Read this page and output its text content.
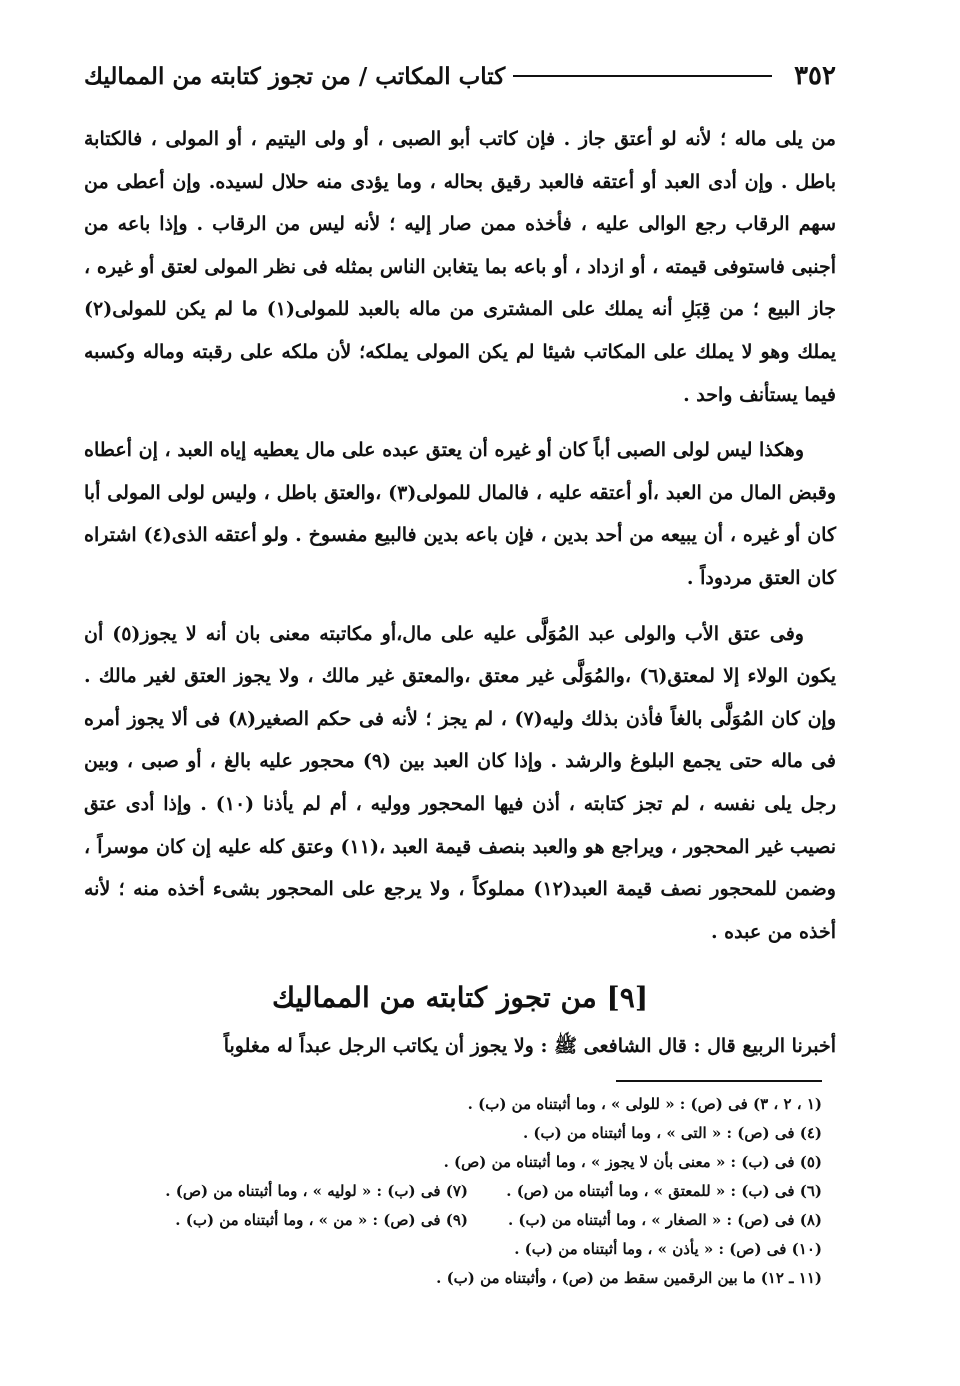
٣٥٢
كتاب المكاتب / من تجوز كتابته من المماليك

من يلى ماله ؛ لأنه لو أعتق جاز . فإن كاتب أبو الصبى ، أو ولى اليتيم ، أو المولى ، فالكتابة باطل . وإن أدى العبد أو أعتقه فالعبد رقيق بحاله ، وما يؤدى منه حلال لسيده. وإن أعطى من سهم الرقاب رجع الوالى عليه ، فأخذه ممن صار إليه ؛ لأنه ليس من الرقاب . وإذا باعه من أجنبى فاستوفى قيمته ، أو ازداد ، أو باعه بما يتغابن الناس بمثله فى نظر المولى لعتق أو غيره ، جاز البيع ؛ من قِبَلِ أنه يملك على المشترى من ماله بالعبد للمولى(١) ما لم يكن للمولى(٢) يملك وهو لا يملك على المكاتب شيئا لم يكن المولى يملكه؛ لأن ملكه على رقبته وماله وكسبه فيما يستأنف واحد .

وهكذا ليس لولى الصبى أباً كان أو غيره أن يعتق عبده على مال يعطيه إياه العبد ، إن أعطاه وقبض المال من العبد ،أو أعتقه عليه ، فالمال للمولى(٣) ،والعتق باطل ، وليس لولى المولى أبا كان أو غيره ، أن يبيعه من أحد بدين ، فإن باعه بدين فالبيع مفسوخ . ولو أعتقه الذى(٤) اشتراه كان العتق مردوداً .

وفى عتق الأب والولى عبد المُوَلَّى عليه على مال،أو مكاتبته معنى بان أنه لا يجوز(٥) أن يكون الولاء إلا لمعتق(٦) ،والمُوَلَّى غير معتق ،والمعتق غير مالك ، ولا يجوز العتق لغير مالك . وإن كان المُوَلَّى بالغاً فأذن بذلك وليه(٧) ، لم يجز ؛ لأنه فى حكم الصغير(٨) فى ألا يجوز أمره فى ماله حتى يجمع البلوغ والرشد . وإذا كان العبد بين (٩) محجور عليه بالغ ، أو صبى ، وبين رجل يلى نفسه ، لم تجز كتابته ، أذن فيها المحجور ووليه ، أم لم يأذنا (١٠) . وإذا أدى عتق نصيب غير المحجور ، ويراجع هو والعبد بنصف قيمة العبد ،(١١) وعتق كله عليه إن كان موسراً ، وضمن للمحجور نصف قيمة العبد(١٢) مملوكاً ، ولا يرجع على المحجور بشىء أخذه منه ؛ لأنه أخذه من عبده .

[٩] من تجوز كتابته من المماليك
أخبرنا الربيع قال : قال الشافعى ﷺ : ولا يجوز أن يكاتب الرجل عبداً له مغلوباً
(١ ، ٢ ، ٣) فى (ص) : « للولى » ، وما أثبتناه من (ب) .
(٤) فى (ص) : « التى » ، وما أثبتناه من (ب) .
(٥) فى (ب) : « معنى بأن لا يجوز » ، وما أثبتناه من (ص) .
(٦) فى (ب) : « للمعتق » ، وما أثبتناه من (ص) .
(٧) فى (ب) : « لوليه » ، وما أثبتناه من (ص) .
(٨) فى (ص) : « الصغار » ، وما أثبتناه من (ب) .
(٩) فى (ص) : « من » ، وما أثبتناه من (ب) .
(١٠) فى (ص) : « يأذن » ، وما أثبتناه من (ب) .
(١١ ـ ١٢) ما بين الرقمين سقط من (ص) ، وأثبتناه من (ب) .
